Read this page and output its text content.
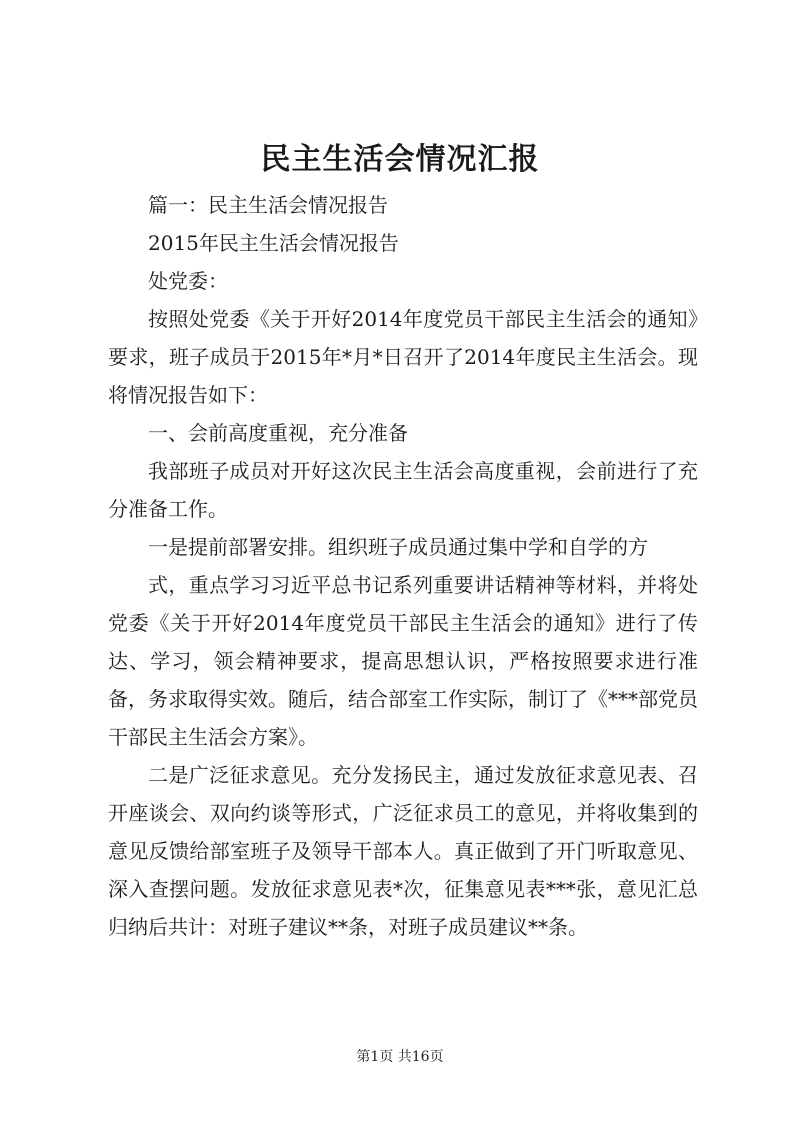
民主生活会情况汇报

篇一：民主生活会情况报告

2015年民主生活会情况报告

处党委：

按照处党委《关于开好2014年度党员干部民主生活会的通知》要求，班子成员于2015年*月*日召开了2014年度民主生活会。现将情况报告如下：

一、会前高度重视，充分准备

我部班子成员对开好这次民主生活会高度重视，会前进行了充分准备工作。

一是提前部署安排。组织班子成员通过集中学和自学的方

式，重点学习习近平总书记系列重要讲话精神等材料，并将处党委《关于开好2014年度党员干部民主生活会的通知》进行了传达、学习，领会精神要求，提高思想认识，严格按照要求进行准备，务求取得实效。随后，结合部室工作实际，制订了《***部党员干部民主生活会方案》。

二是广泛征求意见。充分发扬民主，通过发放征求意见表、召开座谈会、双向约谈等形式，广泛征求员工的意见，并将收集到的意见反馈给部室班子及领导干部本人。真正做到了开门听取意见、深入查摆问题。发放征求意见表*次，征集意见表***张，意见汇总归纳后共计：对班子建议**条，对班子成员建议**条。

第1页 共16页
